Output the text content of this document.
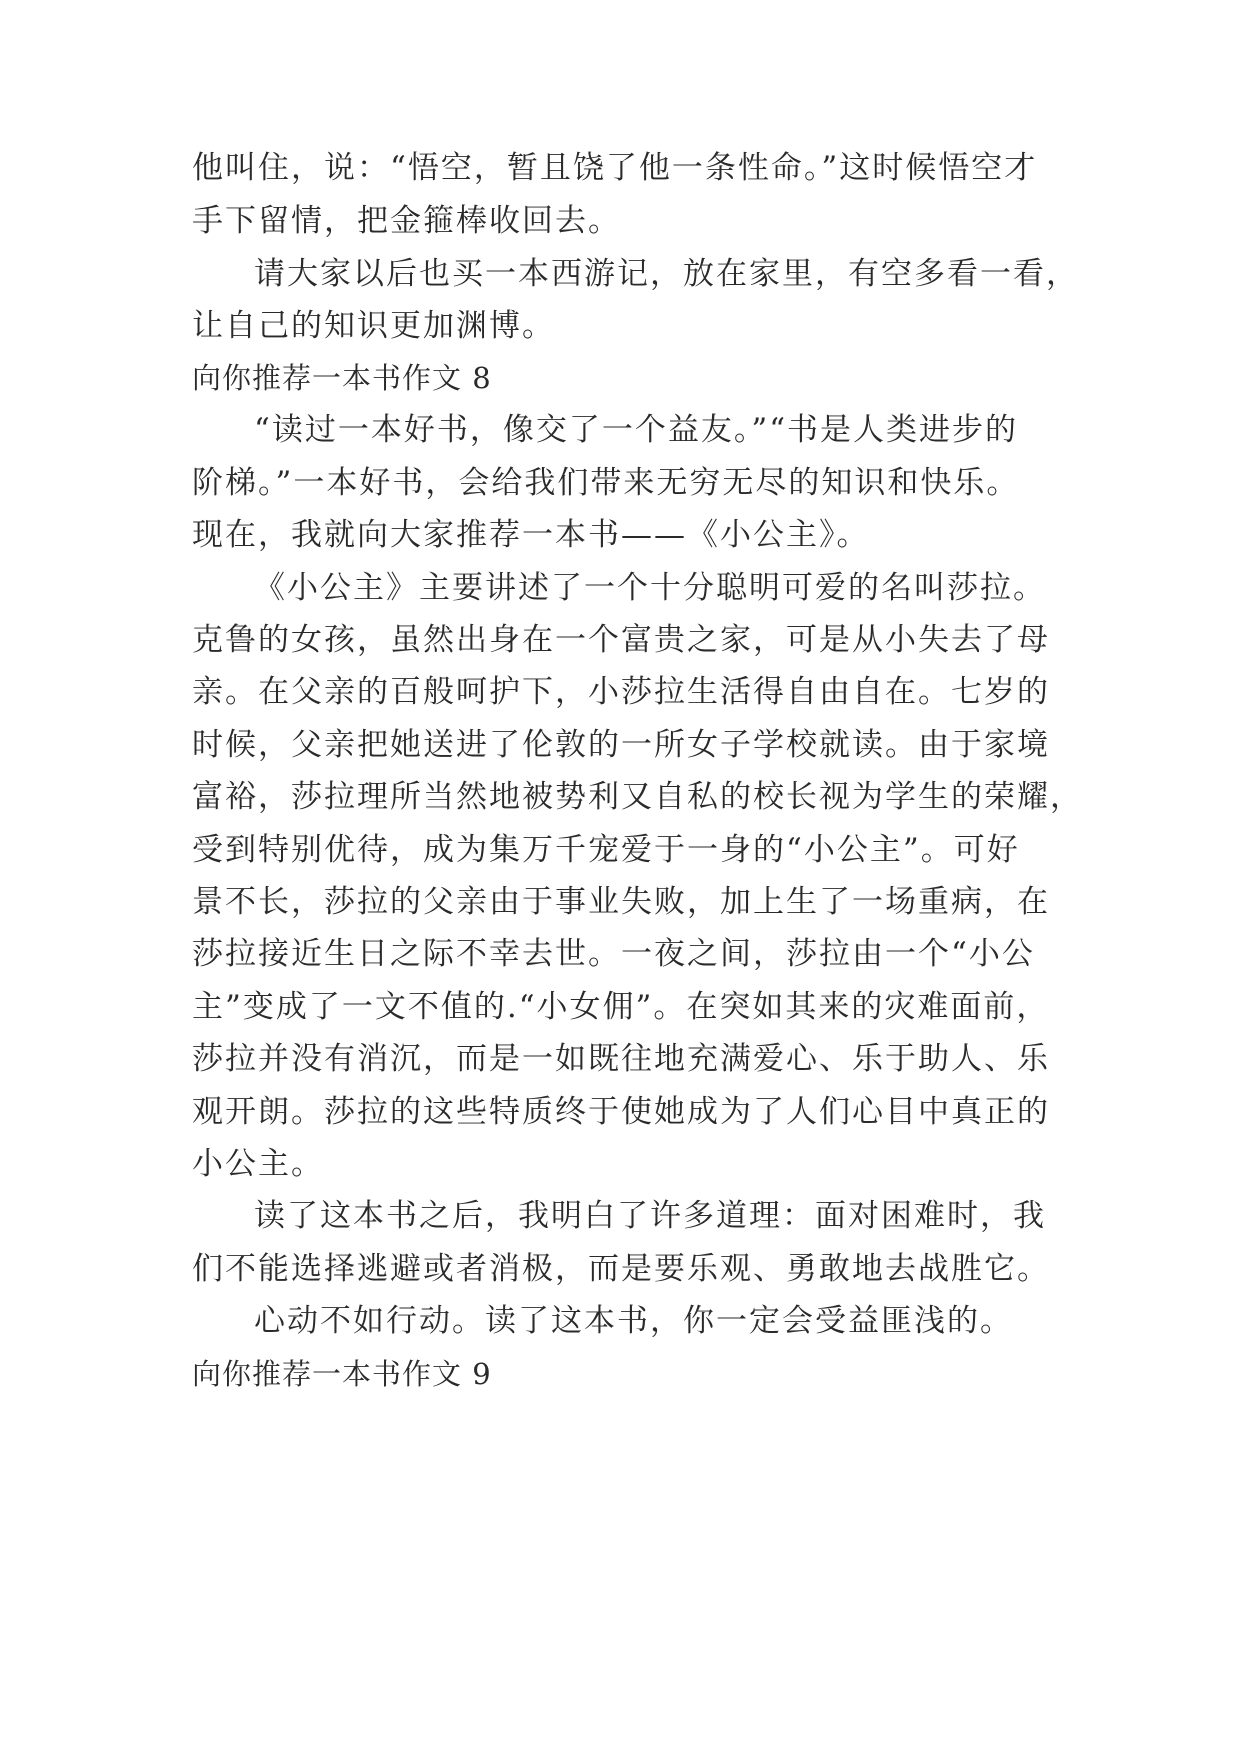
他叫住，说：“悟空，暂且饶了他一条性命。”这时候悟空才
手下留情，把金箍棒收回去。
请大家以后也买一本西游记，放在家里，有空多看一看，
让自己的知识更加渊博。
向你推荐一本书作文 8
“读过一本好书，像交了一个益友。”“书是人类进步的
阶梯。”一本好书，会给我们带来无穷无尽的知识和快乐。
现在，我就向大家推荐一本书——《小公主》。
《小公主》主要讲述了一个十分聪明可爱的名叫莎拉。
克鲁的女孩，虽然出身在一个富贵之家，可是从小失去了母
亲。在父亲的百般呵护下，小莎拉生活得自由自在。七岁的
时候，父亲把她送进了伦敦的一所女子学校就读。由于家境
富裕，莎拉理所当然地被势利又自私的校长视为学生的荣耀，
受到特别优待，成为集万千宠爱于一身的“小公主”。可好
景不长，莎拉的父亲由于事业失败，加上生了一场重病，在
莎拉接近生日之际不幸去世。一夜之间，莎拉由一个“小公
主”变成了一文不值的.“小女佣”。在突如其来的灾难面前，
莎拉并没有消沉，而是一如既往地充满爱心、乐于助人、乐
观开朗。莎拉的这些特质终于使她成为了人们心目中真正的
小公主。
读了这本书之后，我明白了许多道理：面对困难时，我
们不能选择逃避或者消极，而是要乐观、勇敢地去战胜它。
心动不如行动。读了这本书，你一定会受益匪浅的。
向你推荐一本书作文 9
